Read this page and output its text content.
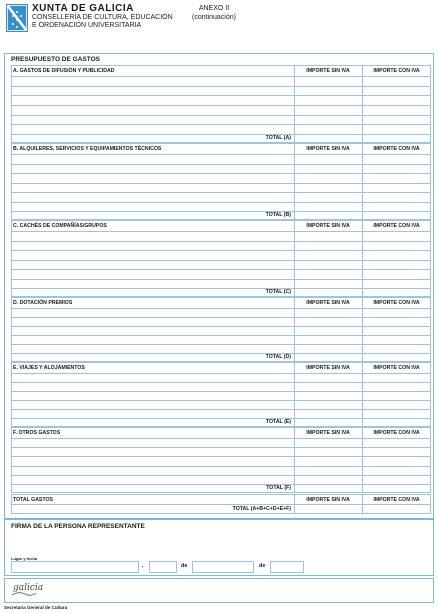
XUNTA DE GALICIA
CONSELLERÍA DE CULTURA, EDUCACIÓN
E ORDENACIÓN UNIVERSITARIA
ANEXO II
(continuación)
PRESUPUESTO DE GASTOS
A. GASTOS DE DIFUSIÓN Y PUBLICIDAD	IMPORTE SIN IVA	IMPORTE CON IVA
TOTAL (A)
B. ALQUILERES, SERVICIOS Y EQUIPAMIENTOS TÉCNICOS	IMPORTE SIN IVA	IMPORTE CON IVA
TOTAL (B)
C. CACHÉS DE COMPAÑÍAS/GRUPOS	IMPORTE SIN IVA	IMPORTE CON IVA
TOTAL (C)
D. DOTACIÓN PREMIOS	IMPORTE SIN IVA	IMPORTE CON IVA
TOTAL (D)
E. VIAJES Y ALOJAMIENTOS	IMPORTE SIN IVA	IMPORTE CON IVA
TOTAL (E)
F. OTROS GASTOS	IMPORTE SIN IVA	IMPORTE CON IVA
TOTAL (F)
TOTAL GASTOS	IMPORTE SIN IVA	IMPORTE CON IVA
TOTAL (A+B+C+D+E+F)
FIRMA DE LA PERSONA REPRESENTANTE
Lugar y fecha
,	de	de
galicia
Secretaría General de Cultura
